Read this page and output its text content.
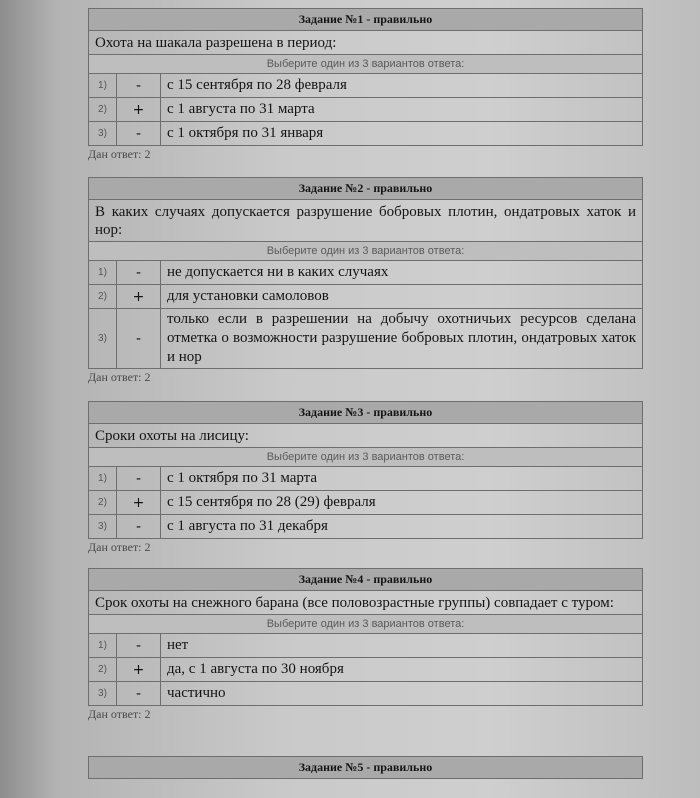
Задание №1 - правильно		
Охота на шакала разрешена в период:		
Выберите один из 3 вариантов ответа:		
1)	-	с 15 сентября по 28 февраля
2)	+	с 1 августа по 31 марта
3)	-	с 1 октября по 31 января
Дан ответ: 2
Задание №2 - правильно		
В каких случаях допускается разрушение бобровых плотин, ондатровых хаток и нор:		
Выберите один из 3 вариантов ответа:		
1)	-	не допускается ни в каких случаях
2)	+	для установки самоловов
3)	-	только если в разрешении на добычу охотничьих ресурсов сделана отметка о возможности разрушение бобровых плотин, ондатровых хаток и нор
Дан ответ: 2
Задание №3 - правильно		
Сроки охоты на лисицу:		
Выберите один из 3 вариантов ответа:		
1)	-	с 1 октября по 31 марта
2)	+	с 15 сентября по 28 (29) февраля
3)	-	с 1 августа по 31 декабря
Дан ответ: 2
Задание №4 - правильно		
Срок охоты на снежного барана (все половозрастные группы) совпадает с туром:		
Выберите один из 3 вариантов ответа:		
1)	-	нет
2)	+	да, с 1 августа по 30 ноября
3)	-	частично
Дан ответ: 2
Задание №5 - правильно
